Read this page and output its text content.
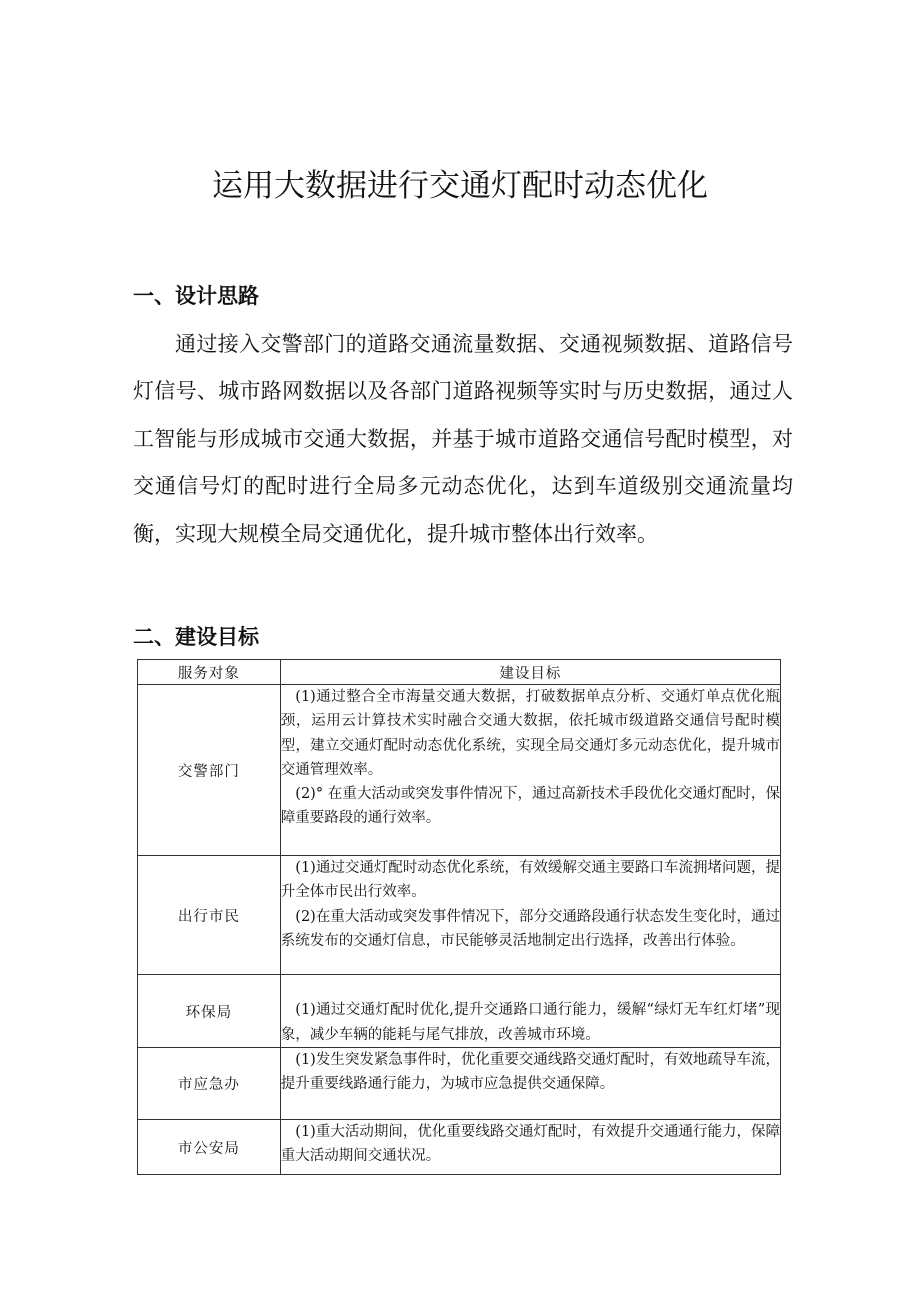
运用大数据进行交通灯配时动态优化
一、设计思路

通过接入交警部门的道路交通流量数据、交通视频数据、道路信号灯信号、城市路网数据以及各部门道路视频等实时与历史数据，通过人工智能与形成城市交通大数据，并基于城市道路交通信号配时模型，对交通信号灯的配时进行全局多元动态优化，达到车道级别交通流量均衡，实现大规模全局交通优化，提升城市整体出行效率。

二、建设目标
服务对象	建设目标
交警部门	(1)通过整合全市海量交通大数据，打破数据单点分析、交通灯单点优化瓶颈，运用云计算技术实时融合交通大数据，依托城市级道路交通信号配时模型，建立交通灯配时动态优化系统，实现全局交通灯多元动态优化，提升城市交通管理效率。

(2)° 在重大活动或突发事件情况下，通过高新技术手段优化交通灯配时，保障重要路段的通行效率。

出行市民	(1)通过交通灯配时动态优化系统，有效缓解交通主要路口车流拥堵问题，提升全体市民出行效率。

(2)在重大活动或突发事件情况下，部分交通路段通行状态发生变化时，通过系统发布的交通灯信息，市民能够灵活地制定出行选择，改善出行体验。

环保局	(1)通过交通灯配时优化,提升交通路口通行能力，缓解“绿灯无车红灯堵”现象，减少车辆的能耗与尾气排放，改善城市环境。

市应急办	(1)发生突发紧急事件时，优化重要交通线路交通灯配时，有效地疏导车流，提升重要线路通行能力，为城市应急提供交通保障。

市公安局	(1)重大活动期间，优化重要线路交通灯配时，有效提升交通通行能力，保障重大活动期间交通状况。
